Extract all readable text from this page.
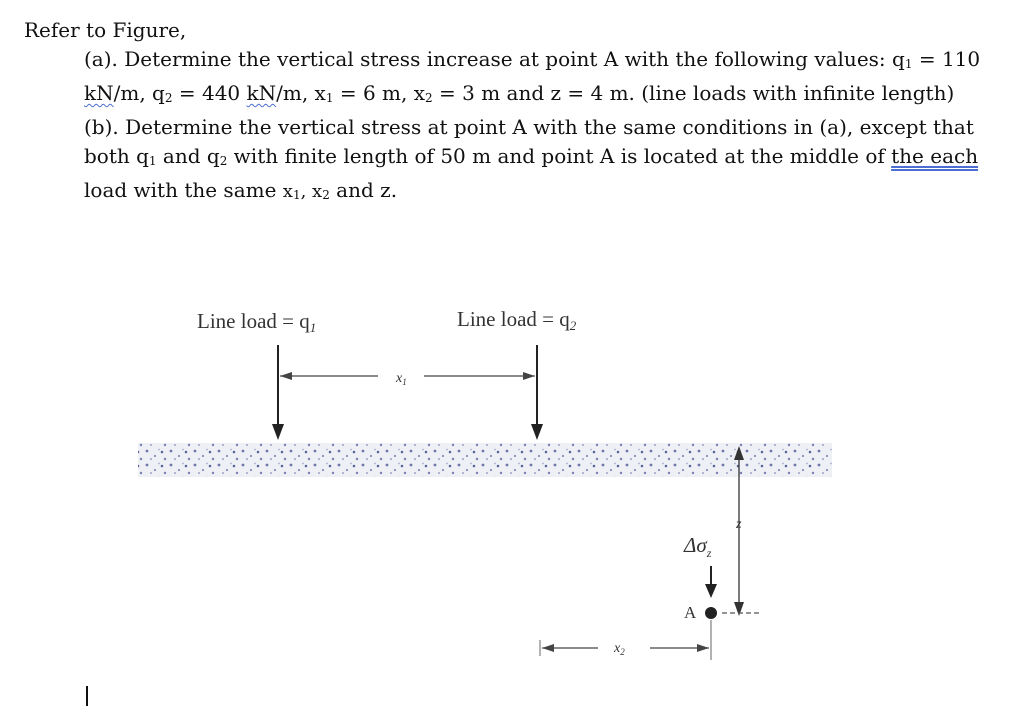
Refer to Figure,

(a). Determine the vertical stress increase at point A with the following values: $q_1 = 110$ kN/m, $q_2 = 440$ kN/m, $x_1 = 6$ m, $x_2 = 3$ m and z = 4 m. (line loads with infinite length)

(b). Determine the vertical stress at point A with the same conditions in (a), except that both $q_1$ and $q_2$ with finite length of 50 m and point A is located at the middle of the each load with the same $x_1$, $x_2$ and z.

Line load = q1	Line load = q2
$x_1$
z
$\Delta\sigma_z$
A
$x_2$
